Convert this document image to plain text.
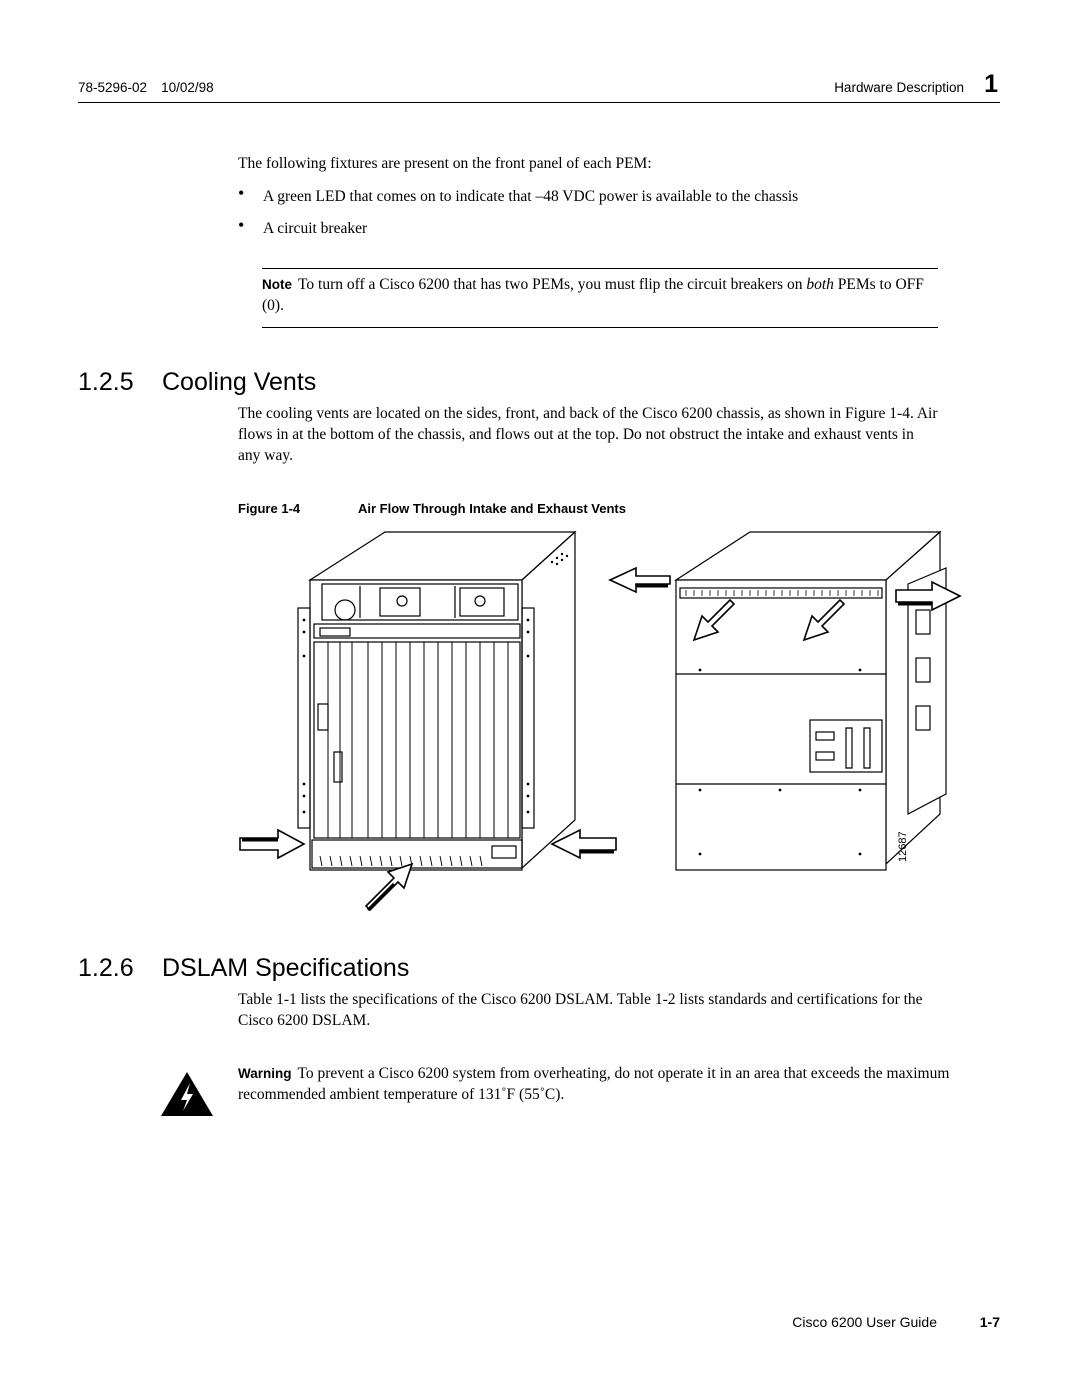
78-5296-02 10/02/98	Hardware Description 1
The following fixtures are present on the front panel of each PEM:
• A green LED that comes on to indicate that –48 VDC power is available to the chassis
• A circuit breaker
Note To turn off a Cisco 6200 that has two PEMs, you must flip the circuit breakers on both PEMs to OFF (0).
1.2.5 Cooling Vents
The cooling vents are located on the sides, front, and back of the Cisco 6200 chassis, as shown in Figure 1-4. Air flows in at the bottom of the chassis, and flows out at the top. Do not obstruct the intake and exhaust vents in any way.
Figure 1-4	Air Flow Through Intake and Exhaust Vents
12687
1.2.6 DSLAM Specifications
Table 1-1 lists the specifications of the Cisco 6200 DSLAM. Table 1-2 lists standards and certifications for the Cisco 6200 DSLAM.
Warning To prevent a Cisco 6200 system from overheating, do not operate it in an area that exceeds the maximum recommended ambient temperature of 131˚F (55˚C).
Cisco 6200 User Guide	1-7
